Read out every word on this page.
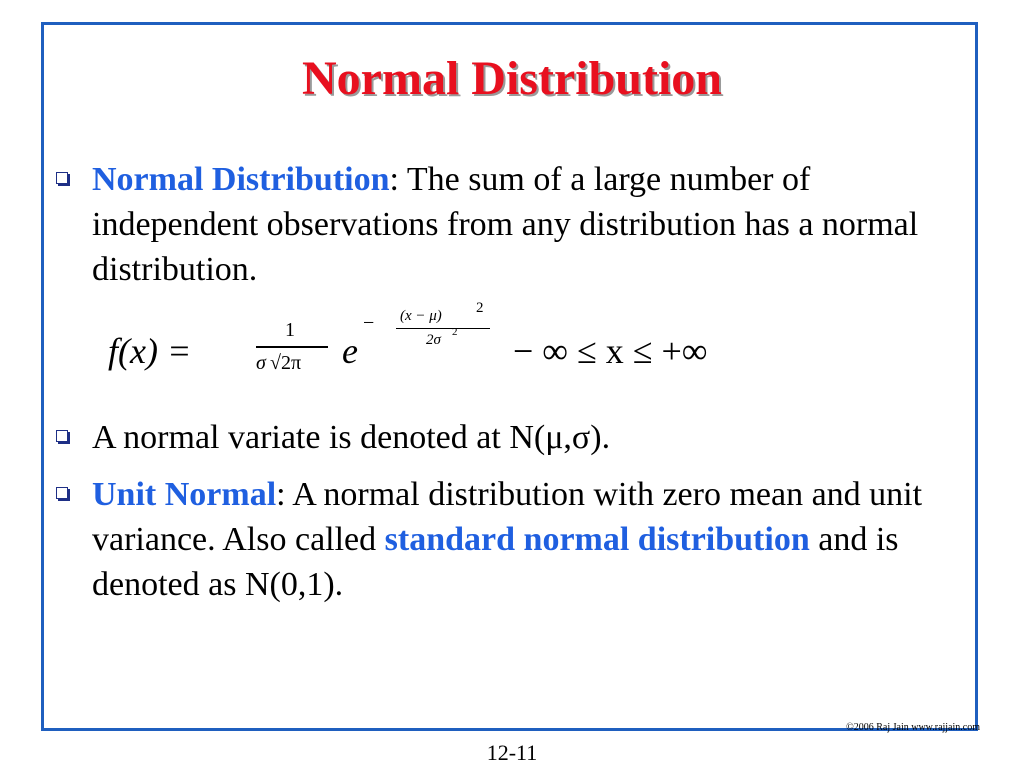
Normal Distribution
Normal Distribution: The sum of a large number of independent observations from any distribution has a normal distribution.
f(x) =
1
σ √2π e
− (x − μ) 2
2σ 2 − ∞ ≤ x ≤ +∞
A normal variate is denoted at N(μ,σ).
Unit Normal: A normal distribution with zero mean and unit variance. Also called standard normal distribution and is denoted as N(0,1).
©2006 Raj Jain www.rajjain.com
12-11
